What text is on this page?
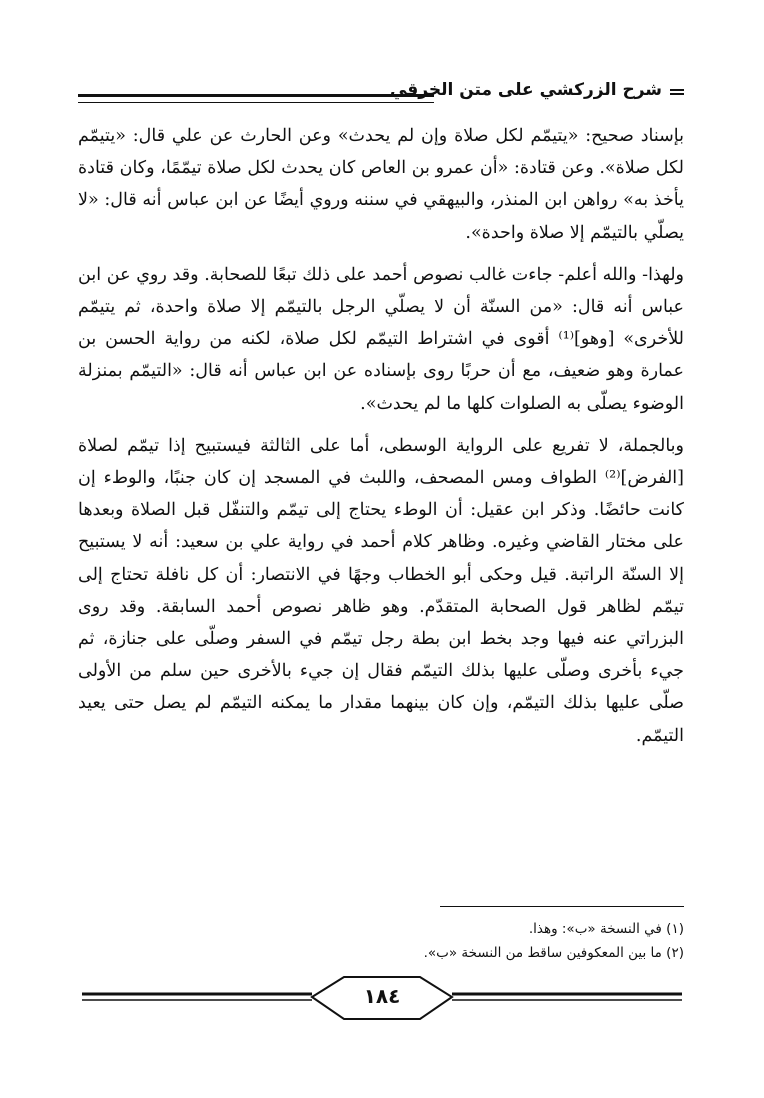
شرح الزركشي على متن الخرقي

بإسناد صحيح: «يتيمّم لكل صلاة وإن لم يحدث» وعن الحارث عن علي قال: «يتيمّم لكل صلاة». وعن قتادة: «أن عمرو بن العاص كان يحدث لكل صلاة تيمّمًا، وكان قتادة يأخذ به» رواهن ابن المنذر، والبيهقي في سننه وروي أيضًا عن ابن عباس أنه قال: «لا يصلّي بالتيمّم إلا صلاة واحدة».

ولهذا- والله أعلم- جاءت غالب نصوص أحمد على ذلك تبعًا للصحابة. وقد روي عن ابن عباس أنه قال: «من السنّة أن لا يصلّي الرجل بالتيمّم إلا صلاة واحدة، ثم يتيمّم للأخرى» [وهو]⁽¹⁾ أقوى في اشتراط التيمّم لكل صلاة، لكنه من رواية الحسن بن عمارة وهو ضعيف، مع أن حربًا روى بإسناده عن ابن عباس أنه قال: «التيمّم بمنزلة الوضوء يصلّى به الصلوات كلها ما لم يحدث».

وبالجملة، لا تفريع على الرواية الوسطى، أما على الثالثة فيستبيح إذا تيمّم لصلاة [الفرض]⁽²⁾ الطواف ومس المصحف، واللبث في المسجد إن كان جنبًا، والوطء إن كانت حائضًا. وذكر ابن عقيل: أن الوطء يحتاج إلى تيمّم والتنفّل قبل الصلاة وبعدها على مختار القاضي وغيره. وظاهر كلام أحمد في رواية علي بن سعيد: أنه لا يستبيح إلا السنّة الراتبة. قيل وحكى أبو الخطاب وجهًا في الانتصار: أن كل نافلة تحتاج إلى تيمّم لظاهر قول الصحابة المتقدّم. وهو ظاهر نصوص أحمد السابقة. وقد روى البزراتي عنه فيها وجد بخط ابن بطة رجل تيمّم في السفر وصلّى على جنازة، ثم جيء بأخرى وصلّى عليها بذلك التيمّم فقال إن جيء بالأخرى حين سلم من الأولى صلّى عليها بذلك التيمّم، وإن كان بينهما مقدار ما يمكنه التيمّم لم يصل حتى يعيد التيمّم.

(١) في النسخة «ب»: وهذا.

(٢) ما بين المعكوفين ساقط من النسخة «ب».

١٨٤
